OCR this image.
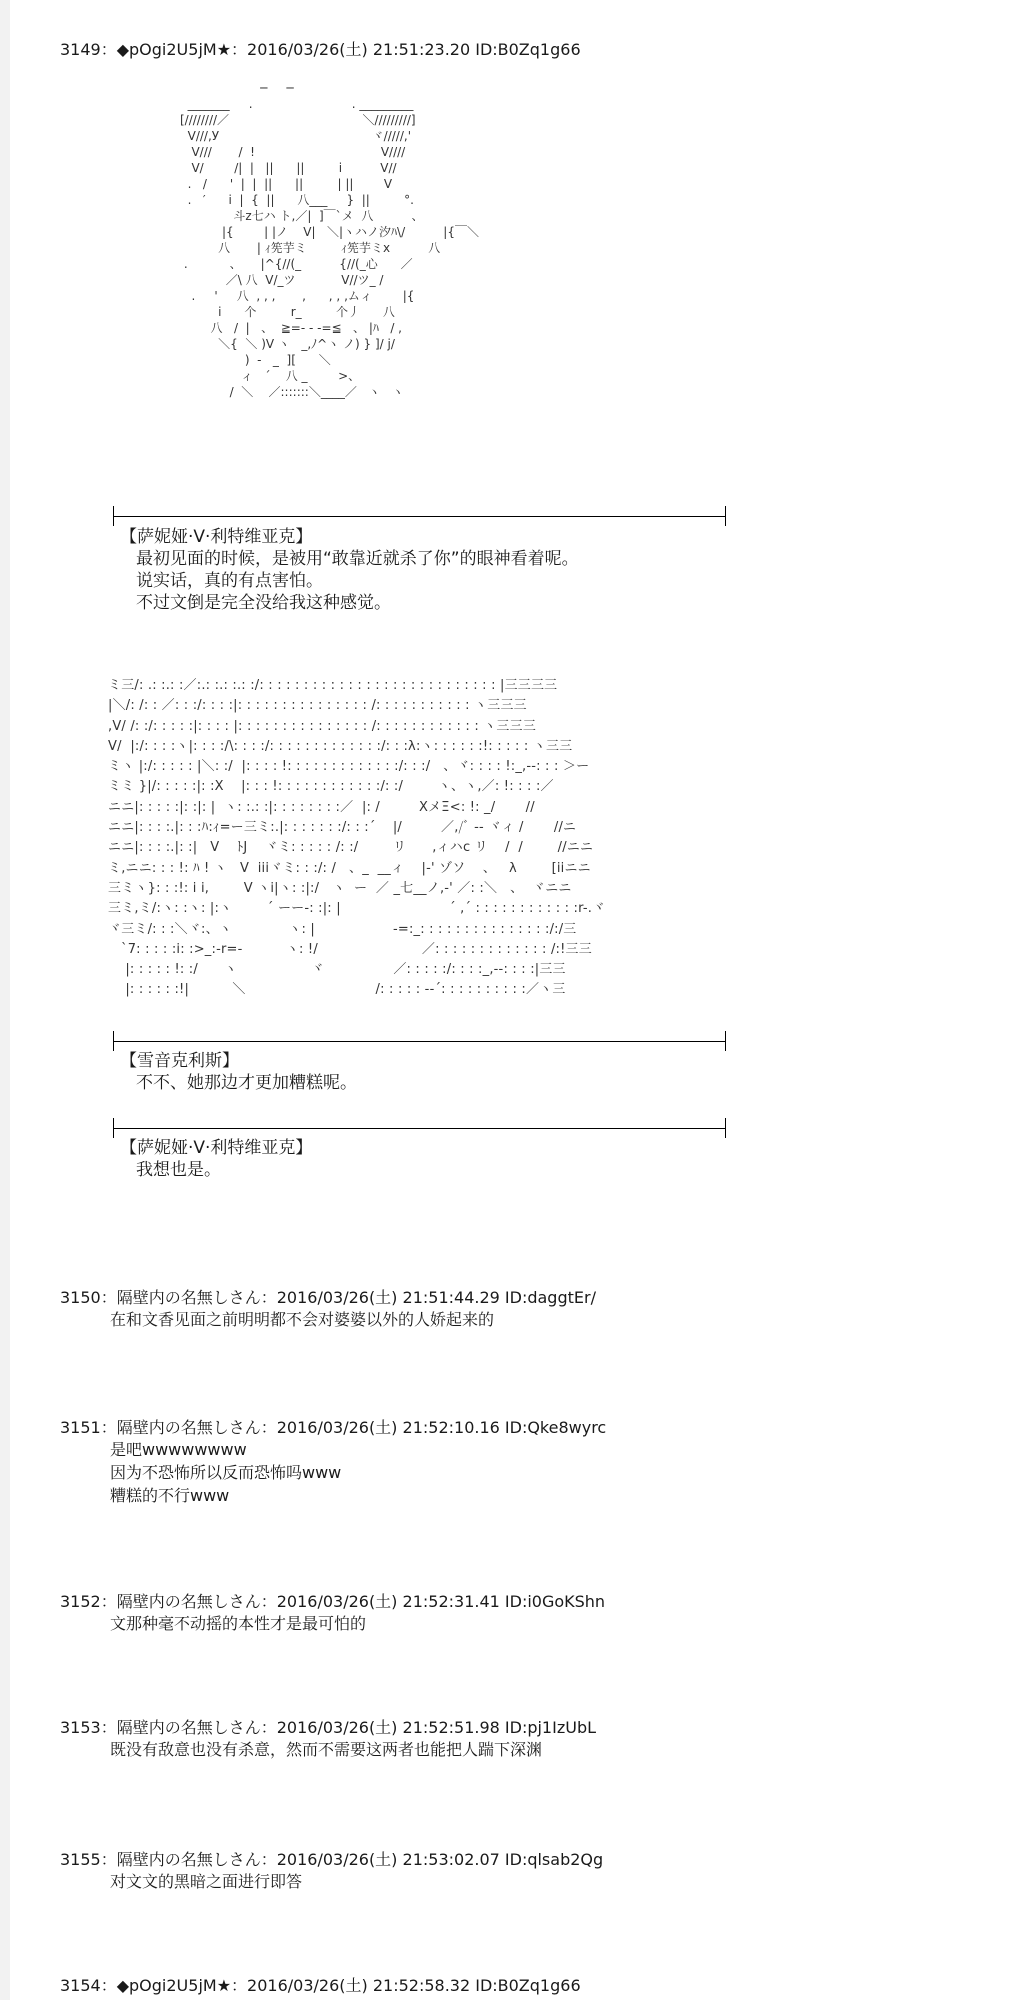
3149：◆pOgi2U5jM★：2016/03/26(土) 21:51:23.20 ID:B0Zq1g66
─     ─
_______     .                          . _________
[////////／                                   ＼/////////]
V///,У                                        ヾ/////,'
V///       /  !                                 V////
V/        /|  |   ||      ||         i          V//
.   /      '  |  |  ||      ||         | ||        V
.   ′      i  |  {  ||      八___     }  ||         °.
斗z七ハ ト,／|  ]￣`メ  八          、
|{        | |ノ    V|   ＼|ヽハノ汐ﾊ\/          |{￣＼
八       | ｨ筅芋ミ         ｨ筅芋ミx          八
.           、     |^{//(_          {//(_心      ／
／\ 八  V/_ツ            V//ツ_ /
.     '     八  , , ,       ,      , , ,ムィ        |{
i      个         r_         个丿      八
八   /  |   、  ≧=- ‐ -=≦   、 |ﾊ   / ,
＼{  ＼ )V ヽ   _,ﾉ^ヽ ノ) } ]/ j/
)  -   _  ][      ＼
ィ   ´    八 _        >、
/  ＼    ／:::::::＼____／   ヽ   ヽ
【萨妮娅·V·利特维亚克】
最初见面的时候，是被用“敢靠近就杀了你”的眼神看着呢。
说实话，真的有点害怕。
不过文倒是完全没给我这种感觉。
ミ三/: .: :.: :／:.: :.: :.: :/: : : : : : : : : : : : : : : : : : : : : : : : : : : |三三三三
|＼/: /: : ／: : :/: : : :|: : : : : : : : : : : : : : : /: : : : : : : : : : : ヽ三三三
,V/ /: :/: : : : :|: : : : |: : : : : : : : : : : : : : : /: : : : : : : : : : : : ヽ三三三
V/  |:/: : : :ヽ|: : : :/\: : : :/: : : : : : : : : : : : :/: : :λ:ヽ: : : : : :!: : : : : ヽ三三
ミヽ |:/: : : : : |＼: :/  |: : : : !: : : : : : : : : : : : :/: : :/   、ヾ: : : : !:_,-‐: : : ＞ー
ミミ }|/: : : : :|: :X    |: : : !: : : : : : : : : : : :/: :/        ヽ、ヽ,／: !: : : :／
ニニ|: : : : :|: :|: |  ヽ: :.: :|: : : : : : : :／  |: /         XメΞ<: !: _/       //
ニニ|: : : :.|: : :ﾊ:ｨ=ー三ミ:.|: : : : : : :/: : :´    |/         ／,/ﾞ ‐‐ ヾィ /       //ニ
ニニ|: : : :.|: :|   V    ﾄJ    ヾミ: : : : : /: :/        リ      ,ィハc リ    /  /        //ニニ
ミ,ニニ: : : !: ﾊ ! ヽ   V  iiiヾミ: : :/: /   、_  __ィ    |-' ゾソ    、   λ        [iiニニ
三ミヽ}: : :!: i i,        V ヽi|ヽ: :|:/   ヽ  ー  ／ _七__ノ,-' ／: :＼   、  ヾニニ
三ミ,ミ/:ヽ: :ヽ: |:ヽ        ´ ーー-: :|: |                         ´ ,´ : : : : : : : : : : : :r-.ヾ
ヾ三ミ/: : :＼ヾ:、ヽ             ヽ: |                  -=:_: : : : : : : : : : : : : : :/:/三
`7: : : : :i: :>_:-r=-          ヽ: !/                        ／: : : : : : : : : : : : : /:!三三
|: : : : : !: :/      ヽ                 ヾ                ／: : : : :/: : : :_,-‐: : : :|三三
|: : : : : :!|          ＼                              /: : : : : -‐´: : : : : : : : : :／ヽ三
【雪音克利斯】
不不、她那边才更加糟糕呢。
【萨妮娅·V·利特维亚克】
我想也是。
3150：隔壁内の名無しさん：2016/03/26(土) 21:51:44.29 ID:daggtEr/
在和文香见面之前明明都不会对婆婆以外的人娇起来的
3151：隔壁内の名無しさん：2016/03/26(土) 21:52:10.16 ID:Qke8wyrc
是吧wwwwwwww
因为不恐怖所以反而恐怖吗www
糟糕的不行www
3152：隔壁内の名無しさん：2016/03/26(土) 21:52:31.41 ID:i0GoKShn
文那种毫不动摇的本性才是最可怕的
3153：隔壁内の名無しさん：2016/03/26(土) 21:52:51.98 ID:pj1IzUbL
既没有敌意也没有杀意，然而不需要这两者也能把人踹下深渊
3155：隔壁内の名無しさん：2016/03/26(土) 21:53:02.07 ID:qlsab2Qg
对文文的黑暗之面进行即答
3154：◆pOgi2U5jM★：2016/03/26(土) 21:52:58.32 ID:B0Zq1g66
